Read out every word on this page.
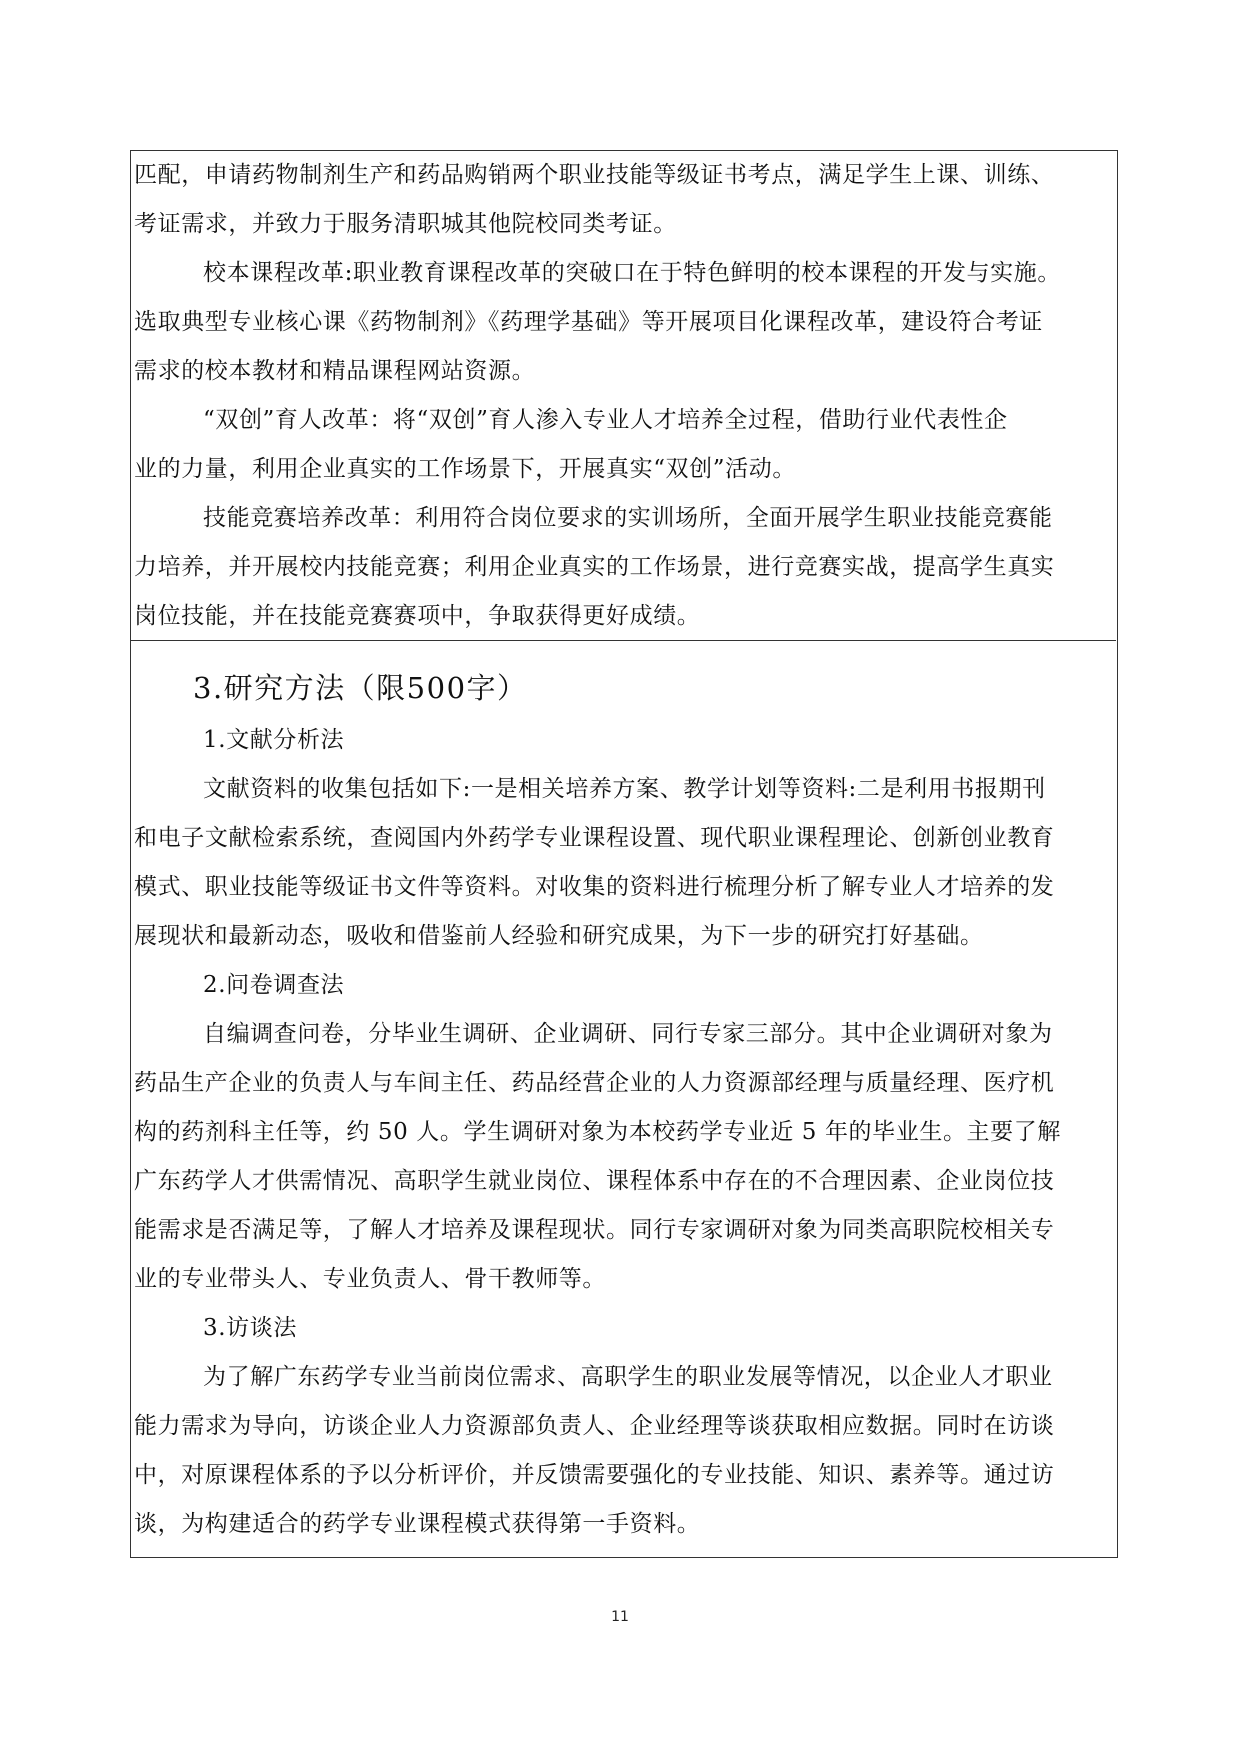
匹配，申请药物制剂生产和药品购销两个职业技能等级证书考点，满足学生上课、训练、

考证需求，并致力于服务清职城其他院校同类考证。

校本课程改革:职业教育课程改革的突破口在于特色鲜明的校本课程的开发与实施。

选取典型专业核心课《药物制剂》《药理学基础》等开展项目化课程改革，建设符合考证

需求的校本教材和精品课程网站资源。

“双创”育人改革：将“双创”育人渗入专业人才培养全过程，借助行业代表性企

业的力量，利用企业真实的工作场景下，开展真实“双创”活动。

技能竞赛培养改革：利用符合岗位要求的实训场所，全面开展学生职业技能竞赛能

力培养，并开展校内技能竞赛；利用企业真实的工作场景，进行竞赛实战，提高学生真实

岗位技能，并在技能竞赛赛项中，争取获得更好成绩。

3.研究方法（限500字）

1.文献分析法

文献资料的收集包括如下:一是相关培养方案、教学计划等资料:二是利用书报期刊

和电子文献检索系统，查阅国内外药学专业课程设置、现代职业课程理论、创新创业教育

模式、职业技能等级证书文件等资料。对收集的资料进行梳理分析了解专业人才培养的发

展现状和最新动态，吸收和借鉴前人经验和研究成果，为下一步的研究打好基础。

2.问卷调查法

自编调查问卷，分毕业生调研、企业调研、同行专家三部分。其中企业调研对象为

药品生产企业的负责人与车间主任、药品经营企业的人力资源部经理与质量经理、医疗机

构的药剂科主任等，约 50 人。学生调研对象为本校药学专业近 5 年的毕业生。主要了解

广东药学人才供需情况、高职学生就业岗位、课程体系中存在的不合理因素、企业岗位技

能需求是否满足等，了解人才培养及课程现状。同行专家调研对象为同类高职院校相关专

业的专业带头人、专业负责人、骨干教师等。

3.访谈法

为了解广东药学专业当前岗位需求、高职学生的职业发展等情况，以企业人才职业

能力需求为导向，访谈企业人力资源部负责人、企业经理等谈获取相应数据。同时在访谈

中，对原课程体系的予以分析评价，并反馈需要强化的专业技能、知识、素养等。通过访

谈，为构建适合的药学专业课程模式获得第一手资料。

11
